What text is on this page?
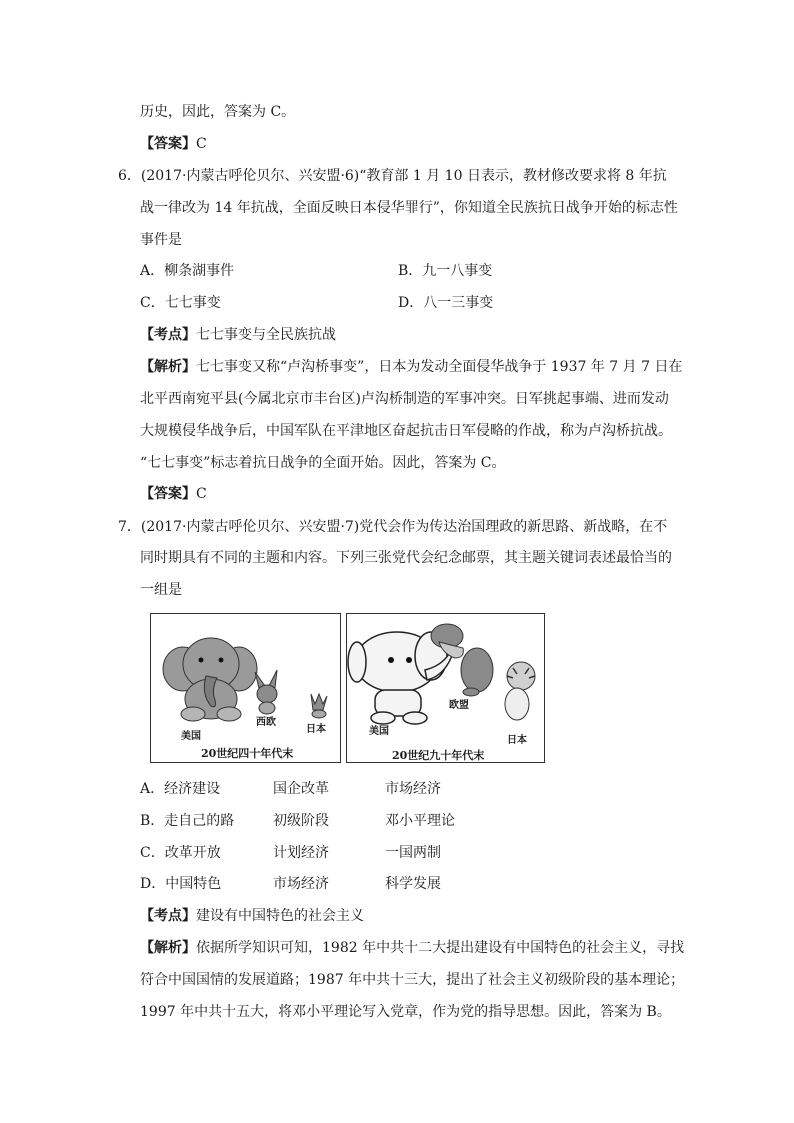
历史，因此，答案为 C。
【答案】C
6．(2017·内蒙古呼伦贝尔、兴安盟·6)“教育部 1 月 10 日表示，教材修改要求将 8 年抗
战一律改为 14 年抗战，全面反映日本侵华罪行”，你知道全民族抗日战争开始的标志性
事件是
A．柳条湖事件	B．九一八事变
C．七七事变	D．八一三事变
【考点】七七事变与全民族抗战
【解析】七七事变又称“卢沟桥事变”，日本为发动全面侵华战争于 1937 年 7 月 7 日在
北平西南宛平县(今属北京市丰台区)卢沟桥制造的军事冲突。日军挑起事端、进而发动
大规模侵华战争后，中国军队在平津地区奋起抗击日军侵略的作战，称为卢沟桥抗战。
“七七事变”标志着抗日战争的全面开始。因此，答案为 C。
【答案】C
7．(2017·内蒙古呼伦贝尔、兴安盟·7)党代会作为传达治国理政的新思路、新战略，在不
同时期具有不同的主题和内容。下列三张党代会纪念邮票，其主题关键词表述最恰当的
一组是
美国
西欧
日本
20世纪四十年代末
美国
欧盟
日本
20世纪九十年代末
A．经济建设	国企改革	市场经济
B．走自己的路	初级阶段	邓小平理论
C．改革开放	计划经济	一国两制
D．中国特色	市场经济	科学发展
【考点】建设有中国特色的社会主义
【解析】依据所学知识可知，1982 年中共十二大提出建设有中国特色的社会主义，寻找
符合中国国情的发展道路；1987 年中共十三大，提出了社会主义初级阶段的基本理论；
1997 年中共十五大，将邓小平理论写入党章，作为党的指导思想。因此，答案为 B。
